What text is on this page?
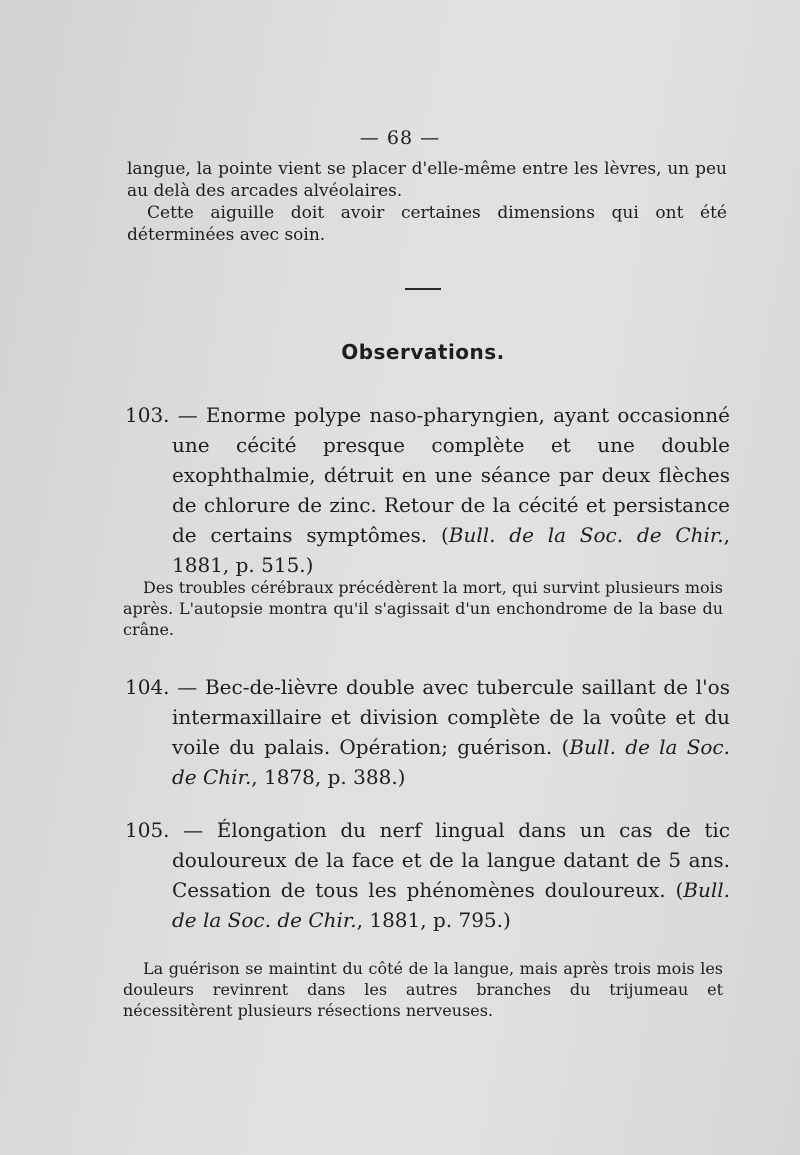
— 68 —

langue, la pointe vient se placer d'elle-même entre les lèvres, un peu au delà des arcades alvéolaires.

Cette aiguille doit avoir certaines dimensions qui ont été déterminées avec soin.

Observations.
103. — Enorme polype naso-pharyngien, ayant occasionné une cécité presque complète et une double exophthalmie, détruit en une séance par deux flèches de chlorure de zinc. Retour de la cécité et persistance de certains symptômes. (Bull. de la Soc. de Chir., 1881, p. 515.)
Des troubles cérébraux précédèrent la mort, qui survint plusieurs mois après. L'autopsie montra qu'il s'agissait d'un enchondrome de la base du crâne.
104. — Bec-de-lièvre double avec tubercule saillant de l'os intermaxillaire et division complète de la voûte et du voile du palais. Opération; guérison. (Bull. de la Soc. de Chir., 1878, p. 388.)
105. — Élongation du nerf lingual dans un cas de tic douloureux de la face et de la langue datant de 5 ans. Cessation de tous les phénomènes douloureux. (Bull. de la Soc. de Chir., 1881, p. 795.)
La guérison se maintint du côté de la langue, mais après trois mois les douleurs revinrent dans les autres branches du trijumeau et nécessitèrent plusieurs résections nerveuses.
